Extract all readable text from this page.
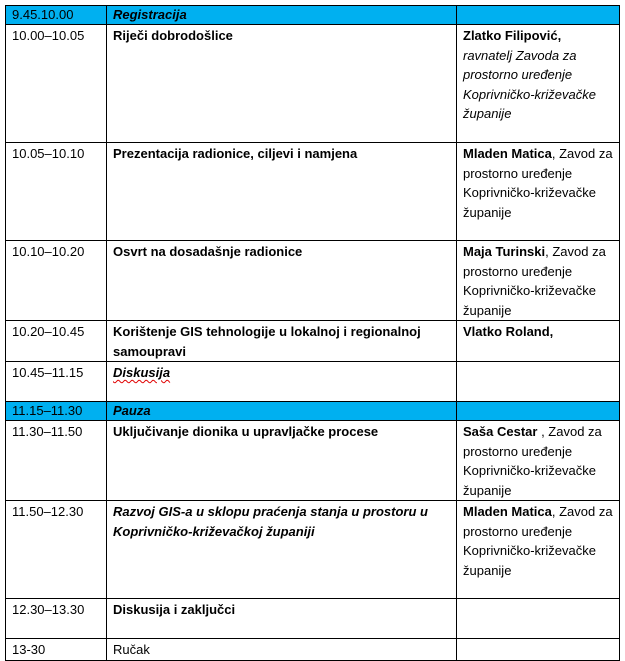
9.45.10.00	Registracija	
10.00–10.05	Riječi dobrodošlice	Zlatko Filipović, ravnatelj Zavoda za prostorno uređenje Koprivničko-križevačke županije
10.05–10.10	Prezentacija radionice, ciljevi i namjena	Mladen Matica, Zavod za prostorno uređenje Koprivničko-križevačke županije
10.10–10.20	Osvrt na dosadašnje radionice	Maja Turinski, Zavod za prostorno uređenje Koprivničko-križevačke županije
10.20–10.45	Korištenje GIS tehnologije u lokalnoj i regionalnoj samoupravi	Vlatko Roland,
10.45–11.15	Diskusija	
11.15–11.30	Pauza	
11.30–11.50	Uključivanje dionika u upravljačke procese	Saša Cestar , Zavod za prostorno uređenje Koprivničko-križevačke županije
11.50–12.30	Razvoj GIS-a u sklopu praćenja stanja u prostoru u Koprivničko-križevačkoj županiji	Mladen Matica, Zavod za prostorno uređenje Koprivničko-križevačke županije
12.30–13.30	Diskusija i zaključci	
13-30	Ručak	
